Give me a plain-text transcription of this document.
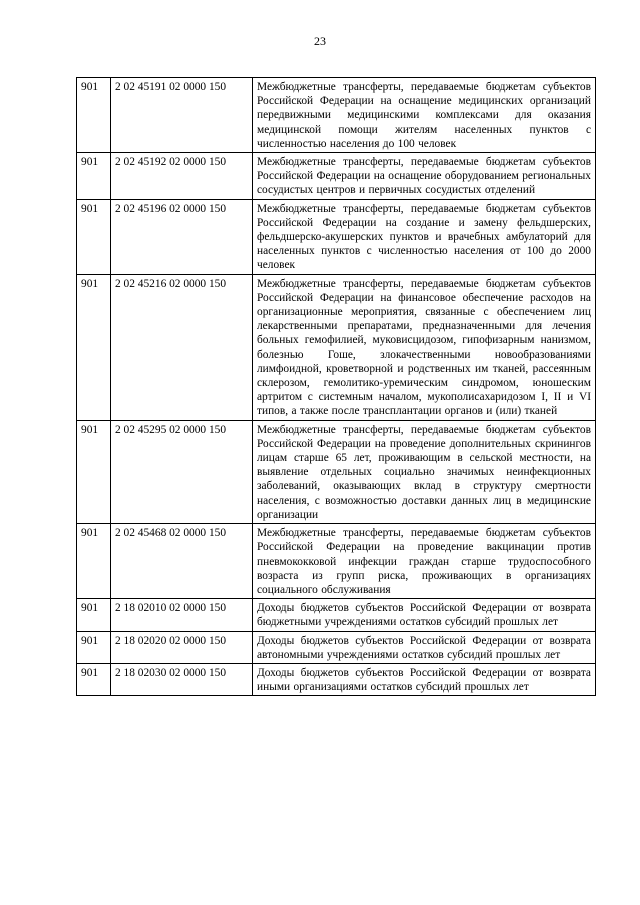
23
901	2 02 45191 02 0000 150	Межбюджетные трансферты, передаваемые бюджетам субъектов Российской Федерации на оснащение медицинских организаций передвижными медицинскими комплексами для оказания медицинской помощи жителям населенных пунктов с численностью населения до 100 человек
901	2 02 45192 02 0000 150	Межбюджетные трансферты, передаваемые бюджетам субъектов Российской Федерации на оснащение оборудованием региональных сосудистых центров и первичных сосудистых отделений
901	2 02 45196 02 0000 150	Межбюджетные трансферты, передаваемые бюджетам субъектов Российской Федерации на создание и замену фельдшерских, фельдшерско-акушерских пунктов и врачебных амбулаторий для населенных пунктов с численностью населения от 100 до 2000 человек
901	2 02 45216 02 0000 150	Межбюджетные трансферты, передаваемые бюджетам субъектов Российской Федерации на финансовое обеспечение расходов на организационные мероприятия, связанные с обеспечением лиц лекарственными препаратами, предназначенными для лечения больных гемофилией, муковисцидозом, гипофизарным нанизмом, болезнью Гоше, злокачественными новообразованиями лимфоидной, кроветворной и родственных им тканей, рассеянным склерозом, гемолитико-уремическим синдромом, юношеским артритом с системным началом, мукополисахаридозом I, II и VI типов, а также после трансплантации органов и (или) тканей
901	2 02 45295 02 0000 150	Межбюджетные трансферты, передаваемые бюджетам субъектов Российской Федерации на проведение дополнительных скринингов лицам старше 65 лет, проживающим в сельской местности, на выявление отдельных социально значимых неинфекционных заболеваний, оказывающих вклад в структуру смертности населения, с возможностью доставки данных лиц в медицинские организации
901	2 02 45468 02 0000 150	Межбюджетные трансферты, передаваемые бюджетам субъектов Российской Федерации на проведение вакцинации против пневмококковой инфекции граждан старше трудоспособного возраста из групп риска, проживающих в организациях социального обслуживания
901	2 18 02010 02 0000 150	Доходы бюджетов субъектов Российской Федерации от возврата бюджетными учреждениями остатков субсидий прошлых лет
901	2 18 02020 02 0000 150	Доходы бюджетов субъектов Российской Федерации от возврата автономными учреждениями остатков субсидий прошлых лет
901	2 18 02030 02 0000 150	Доходы бюджетов субъектов Российской Федерации от возврата иными организациями остатков субсидий прошлых лет
